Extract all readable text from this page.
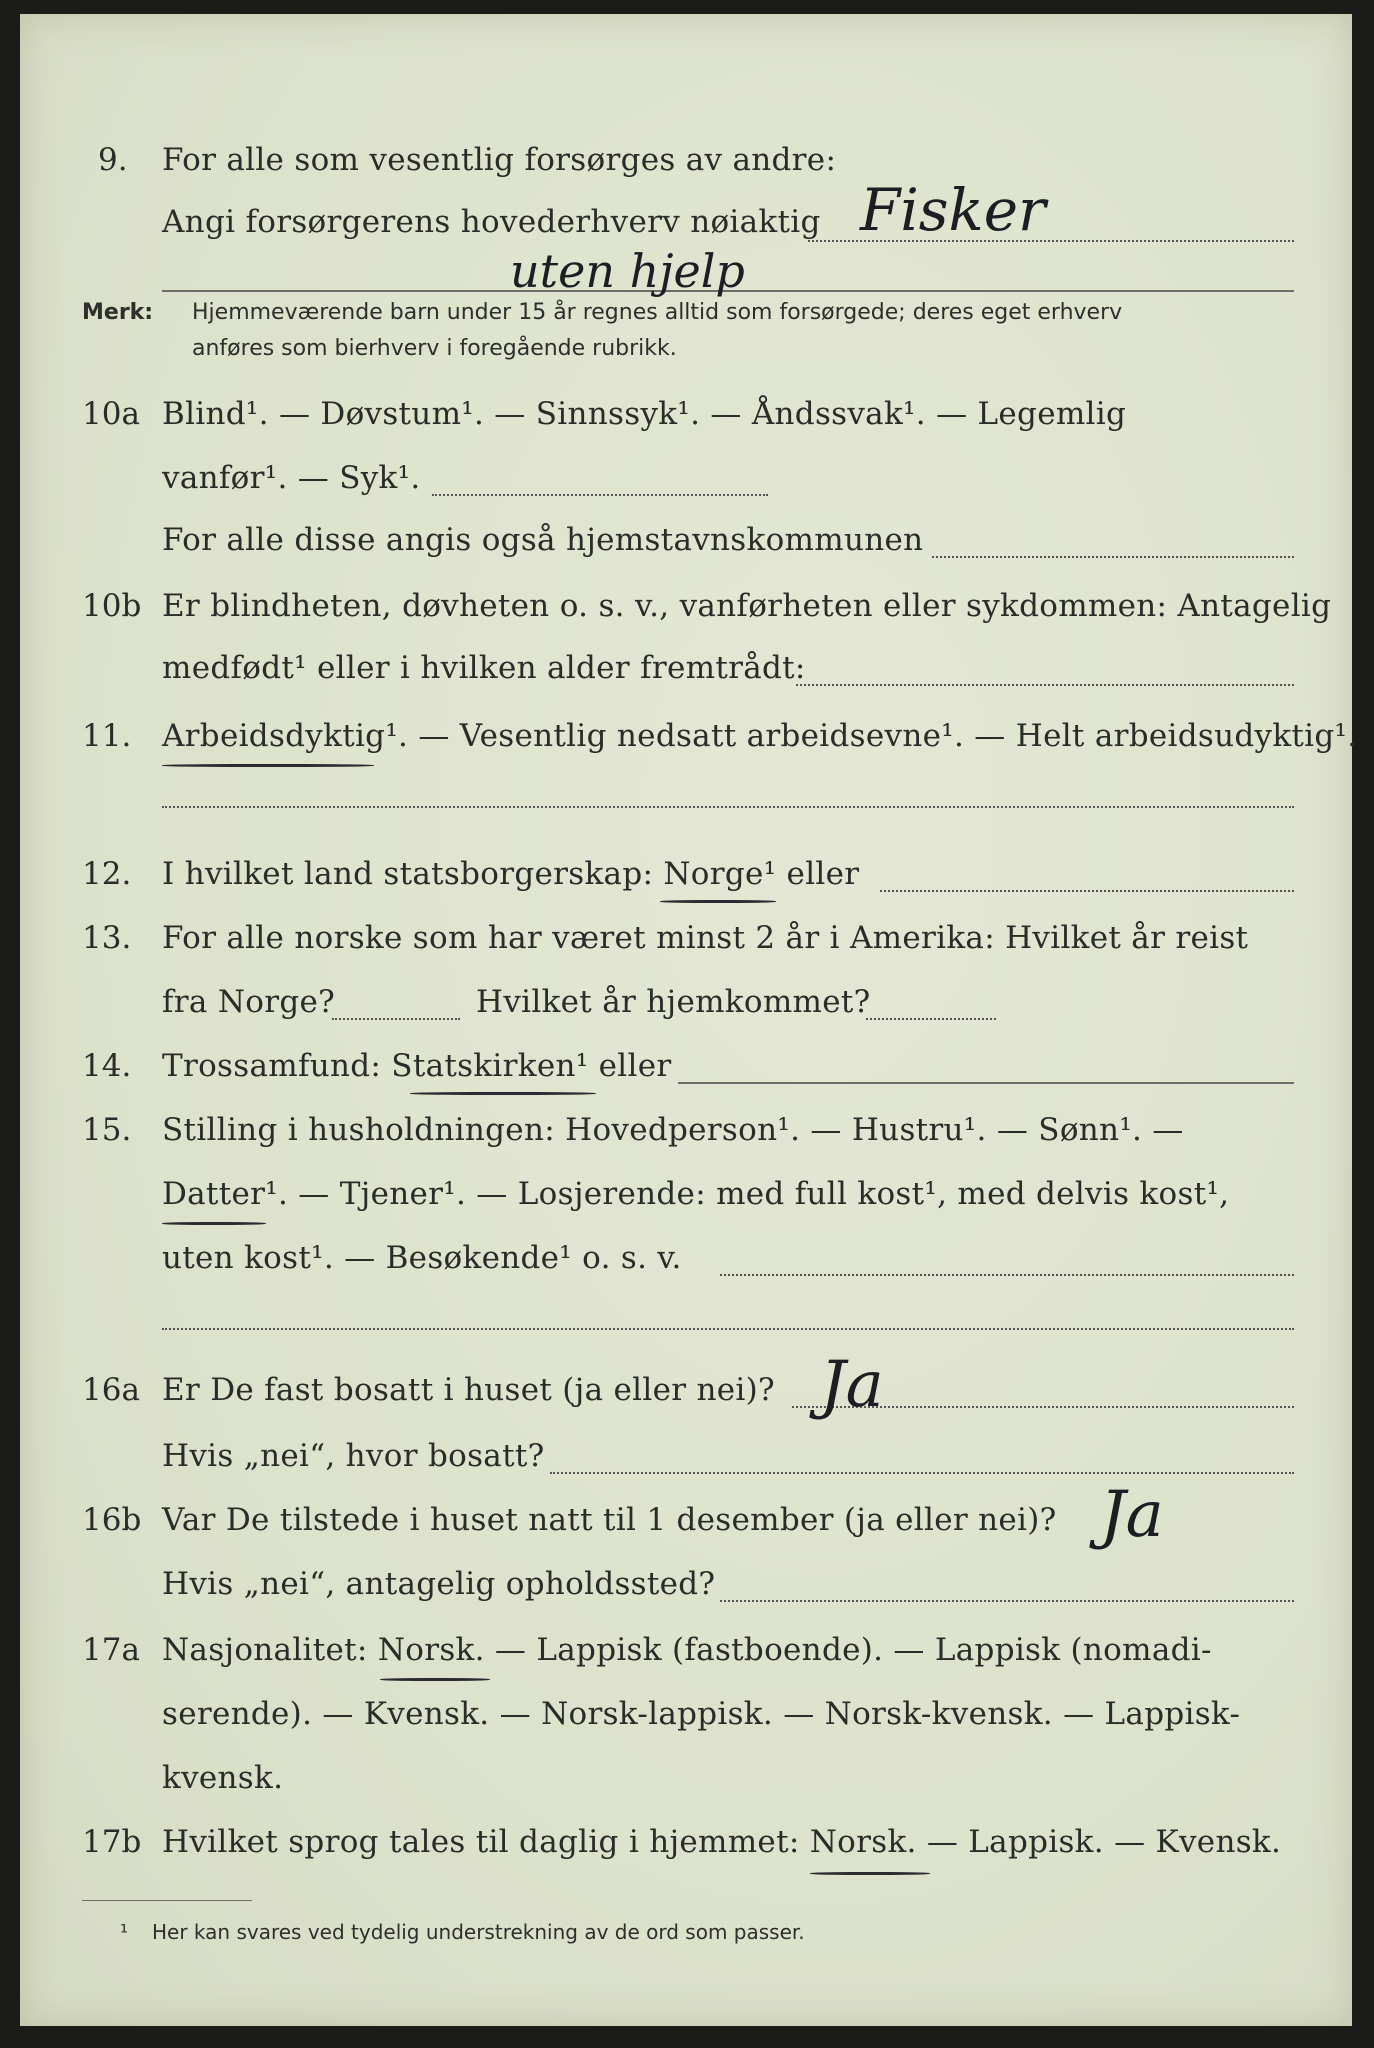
9. For alle som vesentlig forsørges av andre:
Angi forsørgerens hovederhverv nøiaktig Fisker
uten hjelp
Merk: Hjemmeværende barn under 15 år regnes alltid som forsørgede; deres eget erhverv
anføres som bierhverv i foregående rubrikk.
10a Blind¹. — Døvstum¹. — Sinnssyk¹. — Åndssvak¹. — Legemlig
vanfør¹. — Syk¹.
For alle disse angis også hjemstavnskommunen
10b Er blindheten, døvheten o. s. v., vanførheten eller sykdommen: Antagelig
medfødt¹ eller i hvilken alder fremtrådt:
11. Arbeidsdyktig¹. — Vesentlig nedsatt arbeidsevne¹. — Helt arbeidsudyktig¹.
12. I hvilket land statsborgerskap: Norge¹ eller
13. For alle norske som har været minst 2 år i Amerika: Hvilket år reist
fra Norge?	Hvilket år hjemkommet?
14. Trossamfund: Statskirken¹ eller
15. Stilling i husholdningen: Hovedperson¹. — Hustru¹. — Sønn¹. —
Datter¹. — Tjener¹. — Losjerende: med full kost¹, med delvis kost¹,
uten kost¹. — Besøkende¹ o. s. v.
16a Er De fast bosatt i huset (ja eller nei)? Ja
Hvis „nei“, hvor bosatt?
16b Var De tilstede i huset natt til 1 desember (ja eller nei)? Ja
Hvis „nei“, antagelig opholdssted?
17a Nasjonalitet: Norsk. — Lappisk (fastboende). — Lappisk (nomadi-
serende). — Kvensk. — Norsk-lappisk. — Norsk-kvensk. — Lappisk-
kvensk.
17b Hvilket sprog tales til daglig i hjemmet: Norsk. — Lappisk. — Kvensk.
¹ Her kan svares ved tydelig understrekning av de ord som passer.
